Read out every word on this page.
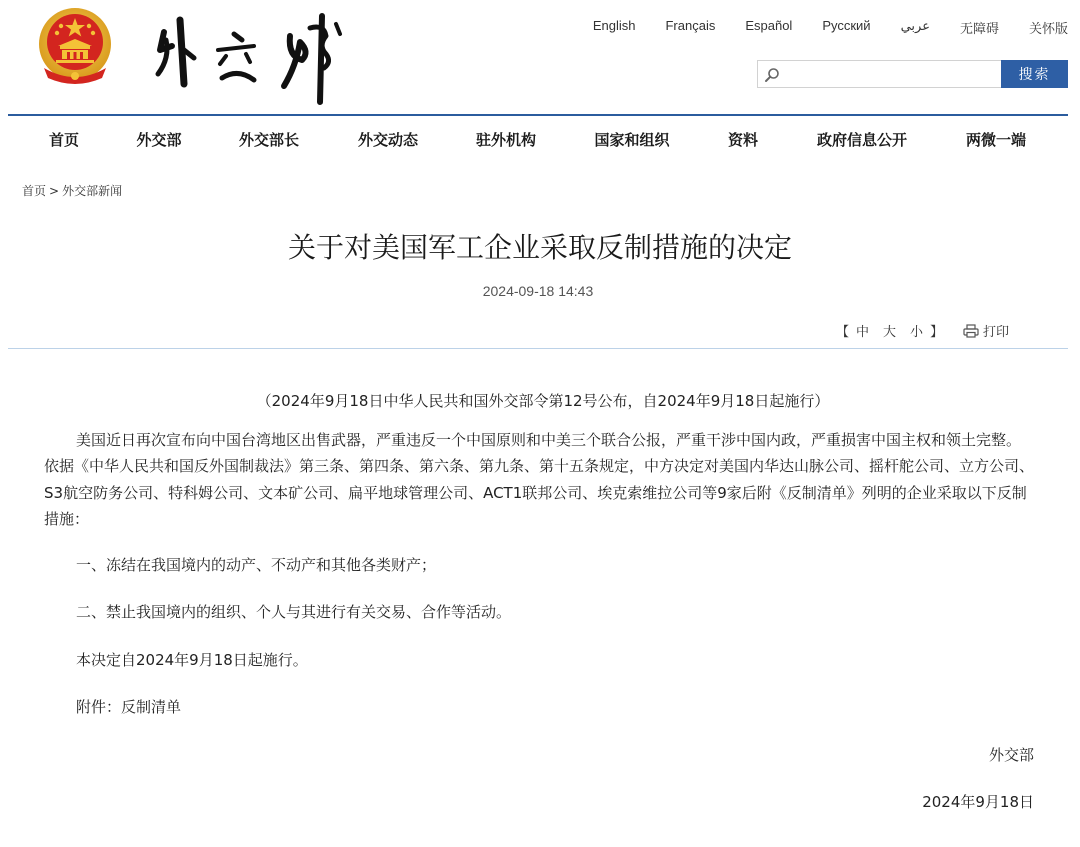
English Français Español Русский عربي 无障碍 关怀版
搜索
首页	外交部	外交部长	外交动态	驻外机构	国家和组织	资料	政府信息公开	两微一端
首页 > 外交部新闻
关于对美国军工企业采取反制措施的决定
2024-09-18 14:43
【 中 大 小 】	打印

（2024年9月18日中华人民共和国外交部令第12号公布，自2024年9月18日起施行）

美国近日再次宣布向中国台湾地区出售武器，严重违反一个中国原则和中美三个联合公报，严重干涉中国内政，严重损害中国主权和领土完整。依据《中华人民共和国反外国制裁法》第三条、第四条、第六条、第九条、第十五条规定，中方决定对美国内华达山脉公司、摇杆舵公司、立方公司、S3航空防务公司、特科姆公司、文本矿公司、扁平地球管理公司、ACT1联邦公司、埃克索维拉公司等9家后附《反制清单》列明的企业采取以下反制措施：

一、冻结在我国境内的动产、不动产和其他各类财产；

二、禁止我国境内的组织、个人与其进行有关交易、合作等活动。

本决定自2024年9月18日起施行。

附件：反制清单

外交部

2024年9月18日
